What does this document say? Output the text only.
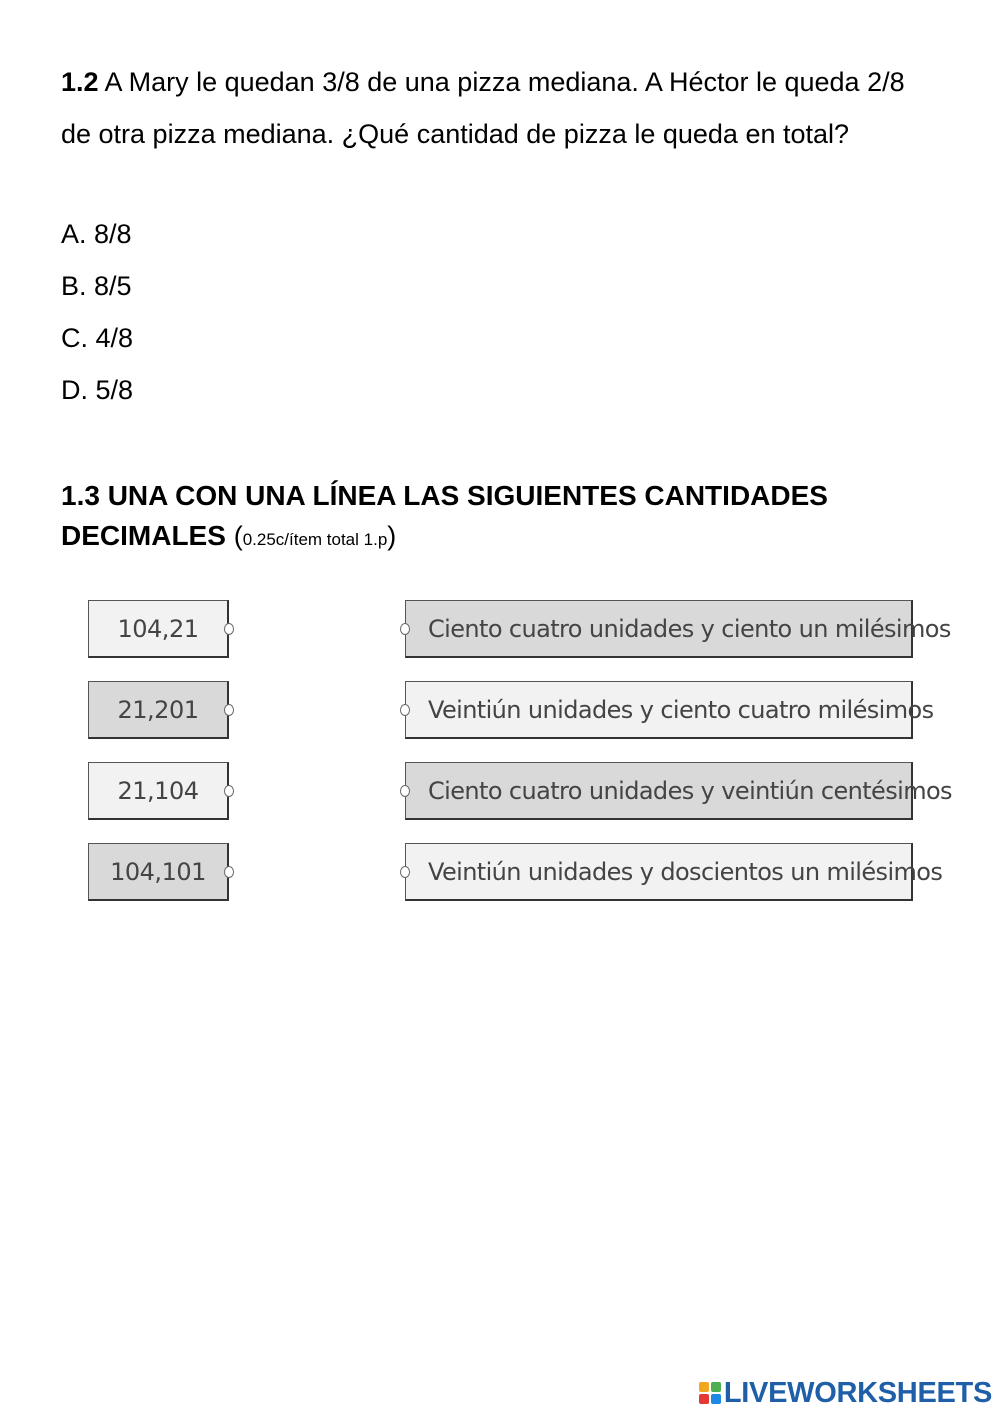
1.2 A Mary le quedan 3/8 de una pizza mediana. A Héctor le queda 2/8 de otra pizza mediana. ¿Qué cantidad de pizza le queda en total?
A. 8/8
B. 8/5
C. 4/8
D. 5/8
1.3 UNA CON UNA LÍNEA LAS SIGUIENTES CANTIDADES DECIMALES (0.25c/ítem total 1.p)
104,21
21,201
21,104
104,101
Ciento cuatro unidades y ciento un milésimos
Veintiún unidades y ciento cuatro milésimos
Ciento cuatro unidades y veintiún centésimos
Veintiún unidades y doscientos un milésimos
LIVEWORKSHEETS
